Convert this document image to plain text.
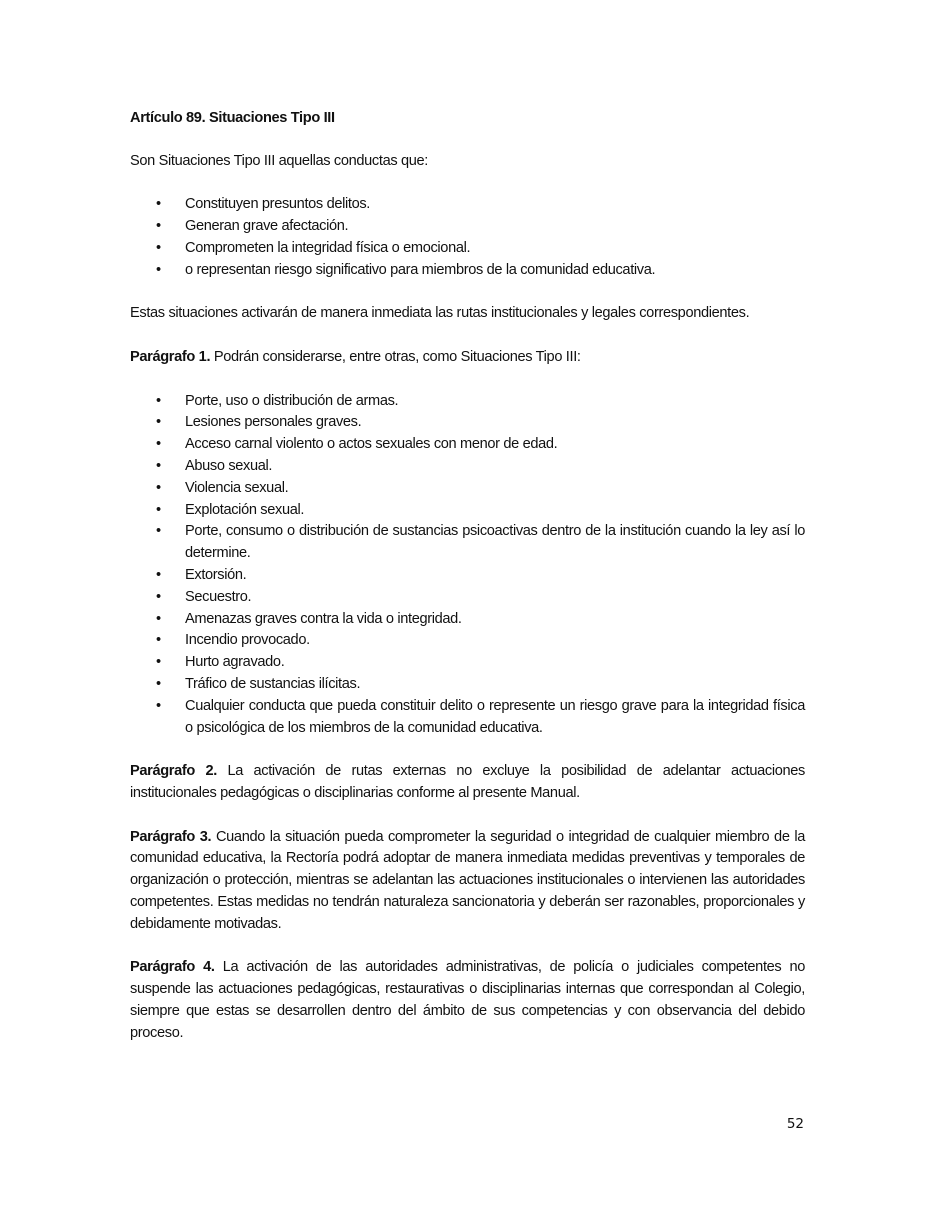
Artículo 89. Situaciones Tipo III

Son Situaciones Tipo III aquellas conductas que:

• Constituyen presuntos delitos.
• Generan grave afectación.
• Comprometen la integridad física o emocional.
• o representan riesgo significativo para miembros de la comunidad educativa.

Estas situaciones activarán de manera inmediata las rutas institucionales y legales correspondientes.

Parágrafo 1. Podrán considerarse, entre otras, como Situaciones Tipo III:

• Porte, uso o distribución de armas.
• Lesiones personales graves.
• Acceso carnal violento o actos sexuales con menor de edad.
• Abuso sexual.
• Violencia sexual.
• Explotación sexual.
• Porte, consumo o distribución de sustancias psicoactivas dentro de la institución cuando la ley así lo determine.
• Extorsión.
• Secuestro.
• Amenazas graves contra la vida o integridad.
• Incendio provocado.
• Hurto agravado.
• Tráfico de sustancias ilícitas.
• Cualquier conducta que pueda constituir delito o represente un riesgo grave para la integridad física o psicológica de los miembros de la comunidad educativa.

Parágrafo 2. La activación de rutas externas no excluye la posibilidad de adelantar actuaciones institucionales pedagógicas o disciplinarias conforme al presente Manual.

Parágrafo 3. Cuando la situación pueda comprometer la seguridad o integridad de cualquier miembro de la comunidad educativa, la Rectoría podrá adoptar de manera inmediata medidas preventivas y temporales de organización o protección, mientras se adelantan las actuaciones institucionales o intervienen las autoridades competentes. Estas medidas no tendrán naturaleza sancionatoria y deberán ser razonables, proporcionales y debidamente motivadas.

Parágrafo 4. La activación de las autoridades administrativas, de policía o judiciales competentes no suspende las actuaciones pedagógicas, restaurativas o disciplinarias internas que correspondan al Colegio, siempre que estas se desarrollen dentro del ámbito de sus competencias y con observancia del debido proceso.

52
